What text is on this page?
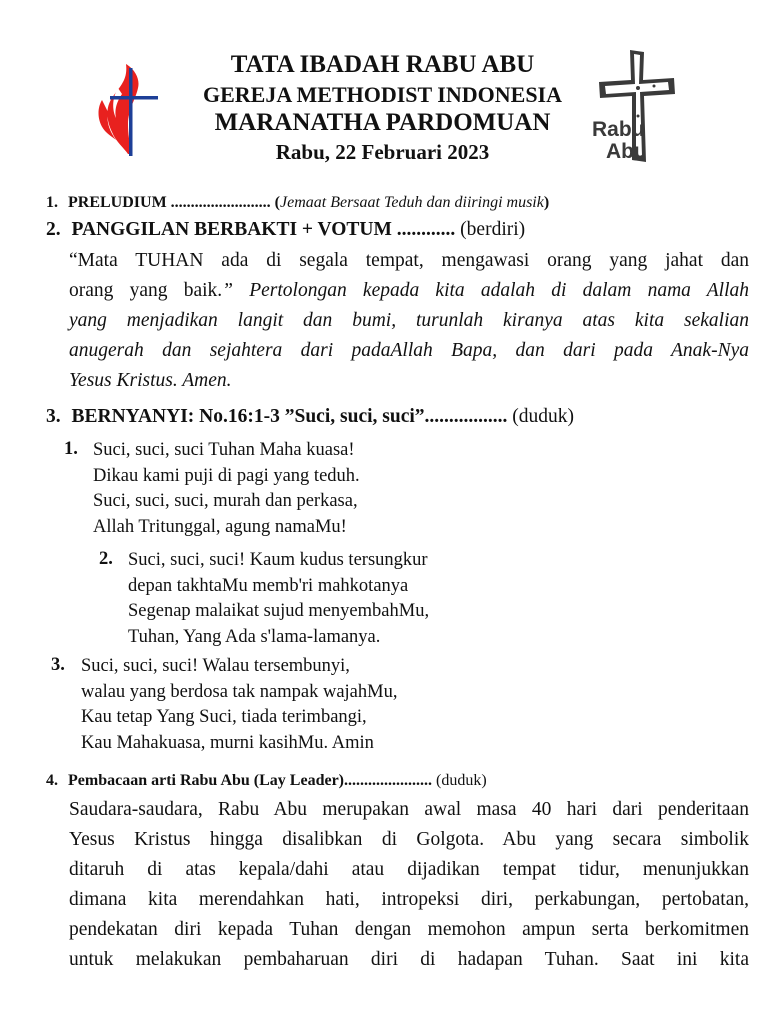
Rabu
Abu
TATA IBADAH RABU ABU
GEREJA METHODIST INDONESIA
MARANATHA PARDOMUAN
Rabu, 22 Februari 2023
1. PRELUDIUM ......................... (Jemaat Bersaat Teduh dan diiringi musik)
2. PANGGILAN BERBAKTI + VOTUM ............ (berdiri)
“Mata TUHAN ada di segala tempat, mengawasi orang yang jahat dan
orang yang baik.” Pertolongan kepada kita adalah di dalam nama Allah
yang menjadikan langit dan bumi, turunlah kiranya atas kita sekalian
anugerah dan sejahtera dari padaAllah Bapa, dan dari pada Anak-Nya
Yesus Kristus. Amen.
3. BERNYANYI: No.16:1-3 ”Suci, suci, suci”................. (duduk)
1. Suci, suci, suci Tuhan Maha kuasa!
Dikau kami puji di pagi yang teduh.
Suci, suci, suci, murah dan perkasa,
Allah Tritunggal, agung namaMu!
2. Suci, suci, suci! Kaum kudus tersungkur
depan takhtaMu memb'ri mahkotanya
Segenap malaikat sujud menyembahMu,
Tuhan, Yang Ada s'lama-lamanya.
3. Suci, suci, suci! Walau tersembunyi,
walau yang berdosa tak nampak wajahMu,
Kau tetap Yang Suci, tiada terimbangi,
Kau Mahakuasa, murni kasihMu. Amin
4. Pembacaan arti Rabu Abu (Lay Leader)...................... (duduk)
Saudara-saudara, Rabu Abu merupakan awal masa 40 hari dari penderitaan
Yesus Kristus hingga disalibkan di Golgota. Abu yang secara simbolik
ditaruh di atas kepala/dahi atau dijadikan tempat tidur, menunjukkan
dimana kita merendahkan hati, intropeksi diri, perkabungan, pertobatan,
pendekatan diri kepada Tuhan dengan memohon ampun serta berkomitmen
untuk melakukan pembaharuan diri di hadapan Tuhan. Saat ini kita
